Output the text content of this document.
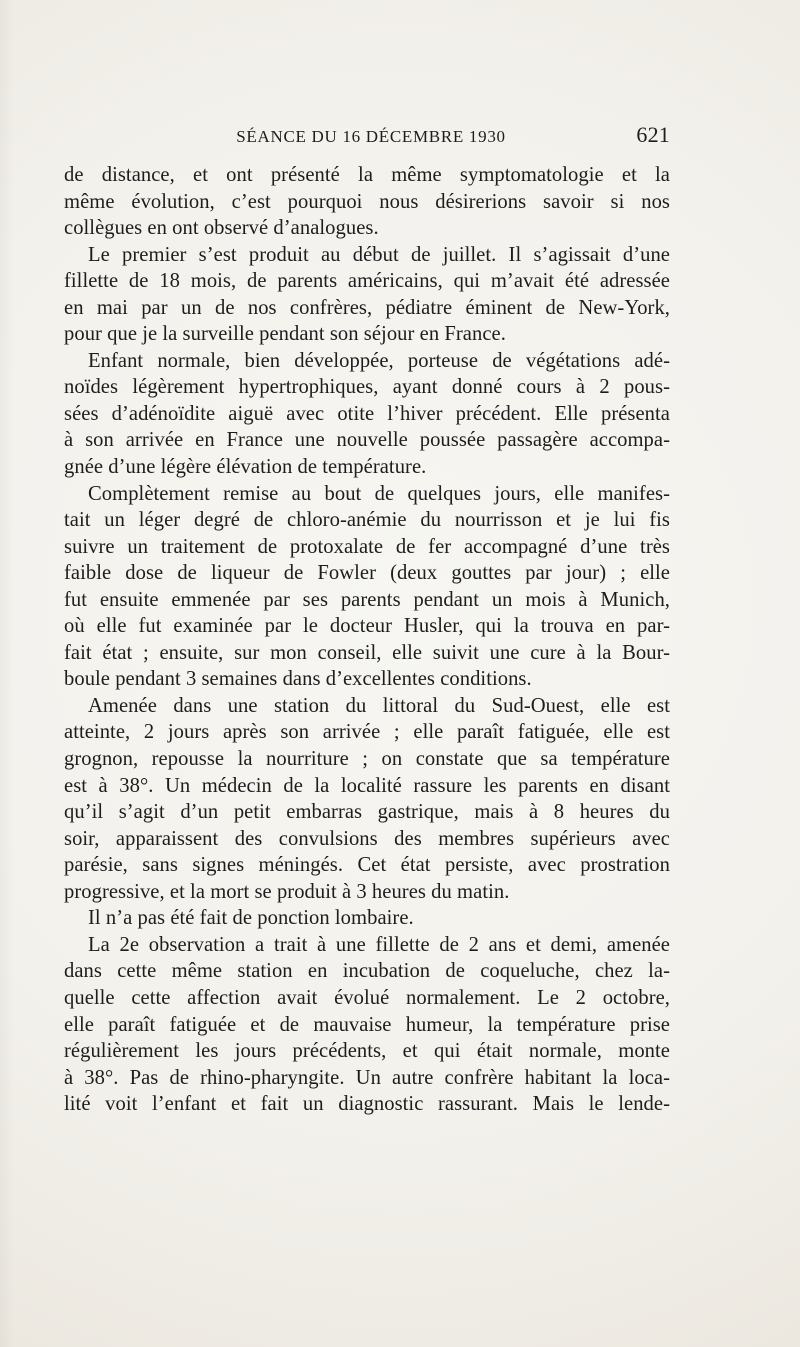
SÉANCE DU 16 DÉCEMBRE 1930	621
de distance, et ont présenté la même symptomatologie et la
même évolution, c’est pourquoi nous désirerions savoir si nos
collègues en ont observé d’analogues.
Le premier s’est produit au début de juillet. Il s’agissait d’une
fillette de 18 mois, de parents américains, qui m’avait été adressée
en mai par un de nos confrères, pédiatre éminent de New-York,
pour que je la surveille pendant son séjour en France.
Enfant normale, bien développée, porteuse de végétations adé-
noïdes légèrement hypertrophiques, ayant donné cours à 2 pous-
sées d’adénoïdite aiguë avec otite l’hiver précédent. Elle présenta
à son arrivée en France une nouvelle poussée passagère accompa-
gnée d’une légère élévation de température.
Complètement remise au bout de quelques jours, elle manifes-
tait un léger degré de chloro-anémie du nourrisson et je lui fis
suivre un traitement de protoxalate de fer accompagné d’une très
faible dose de liqueur de Fowler (deux gouttes par jour) ; elle
fut ensuite emmenée par ses parents pendant un mois à Munich,
où elle fut examinée par le docteur Husler, qui la trouva en par-
fait état ; ensuite, sur mon conseil, elle suivit une cure à la Bour-
boule pendant 3 semaines dans d’excellentes conditions.
Amenée dans une station du littoral du Sud-Ouest, elle est
atteinte, 2 jours après son arrivée ; elle paraît fatiguée, elle est
grognon, repousse la nourriture ; on constate que sa température
est à 38°. Un médecin de la localité rassure les parents en disant
qu’il s’agit d’un petit embarras gastrique, mais à 8 heures du
soir, apparaissent des convulsions des membres supérieurs avec
parésie, sans signes méningés. Cet état persiste, avec prostration
progressive, et la mort se produit à 3 heures du matin.
Il n’a pas été fait de ponction lombaire.
La 2e observation a trait à une fillette de 2 ans et demi, amenée
dans cette même station en incubation de coqueluche, chez la-
quelle cette affection avait évolué normalement. Le 2 octobre,
elle paraît fatiguée et de mauvaise humeur, la température prise
régulièrement les jours précédents, et qui était normale, monte
à 38°. Pas de rhino-pharyngite. Un autre confrère habitant la loca-
lité voit l’enfant et fait un diagnostic rassurant. Mais le lende-
